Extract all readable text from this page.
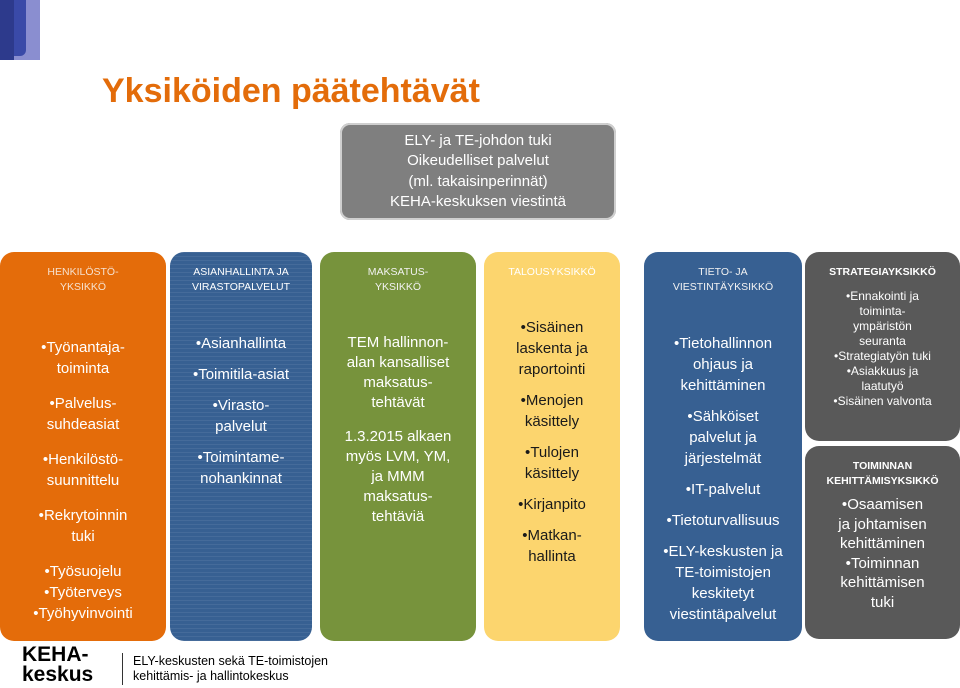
Yksiköiden päätehtävät
ELY- ja TE-johdon tuki
Oikeudelliset palvelut
(ml. takaisinperinnät)
KEHA-keskuksen viestintä
HENKILÖSTÖ-
YKSIKKÖ
• Työnantaja-
toiminta
• Palvelus-
suhdeasiat
• Henkilöstö-
suunnittelu
• Rekrytoinnin
tuki
• Työsuojelu
• Työterveys
• Työhyvinvointi
ASIANHALLINTA JA
VIRASTOPALVELUT
• Asianhallinta
• Toimitila-asiat
• Virasto-
palvelut
• Toimintame-
nohankinnat
MAKSATUS-
YKSIKKÖ
TEM hallinnon-
alan kansalliset
maksatus-
tehtävät
1.3.2015 alkaen
myös LVM, YM,
ja MMM
maksatus-
tehtäviä
TALOUSYKSIKKÖ
• Sisäinen
laskenta ja
raportointi
• Menojen
käsittely
• Tulojen
käsittely
• Kirjanpito
• Matkan-
hallinta
TIETO- JA
VIESTINTÄYKSIKKÖ
• Tietohallinnon
ohjaus ja
kehittäminen
• Sähköiset
palvelut ja
järjestelmät
• IT-palvelut
• Tietoturvallisuus
• ELY-keskusten ja
TE-toimistojen
keskitetyt
viestintäpalvelut
STRATEGIAYKSIKKÖ
• Ennakointi ja
toiminta-
ympäristön
seuranta
• Strategiatyön tuki
• Asiakkuus ja
laatutyö
• Sisäinen valvonta
TOIMINNAN
KEHITTÄMISYKSIKKÖ
• Osaamisen
ja johtamisen
kehittäminen
• Toiminnan
kehittämisen
tuki
KEHA-
keskus
ELY-keskusten sekä TE-toimistojen
kehittämis- ja hallintokeskus
